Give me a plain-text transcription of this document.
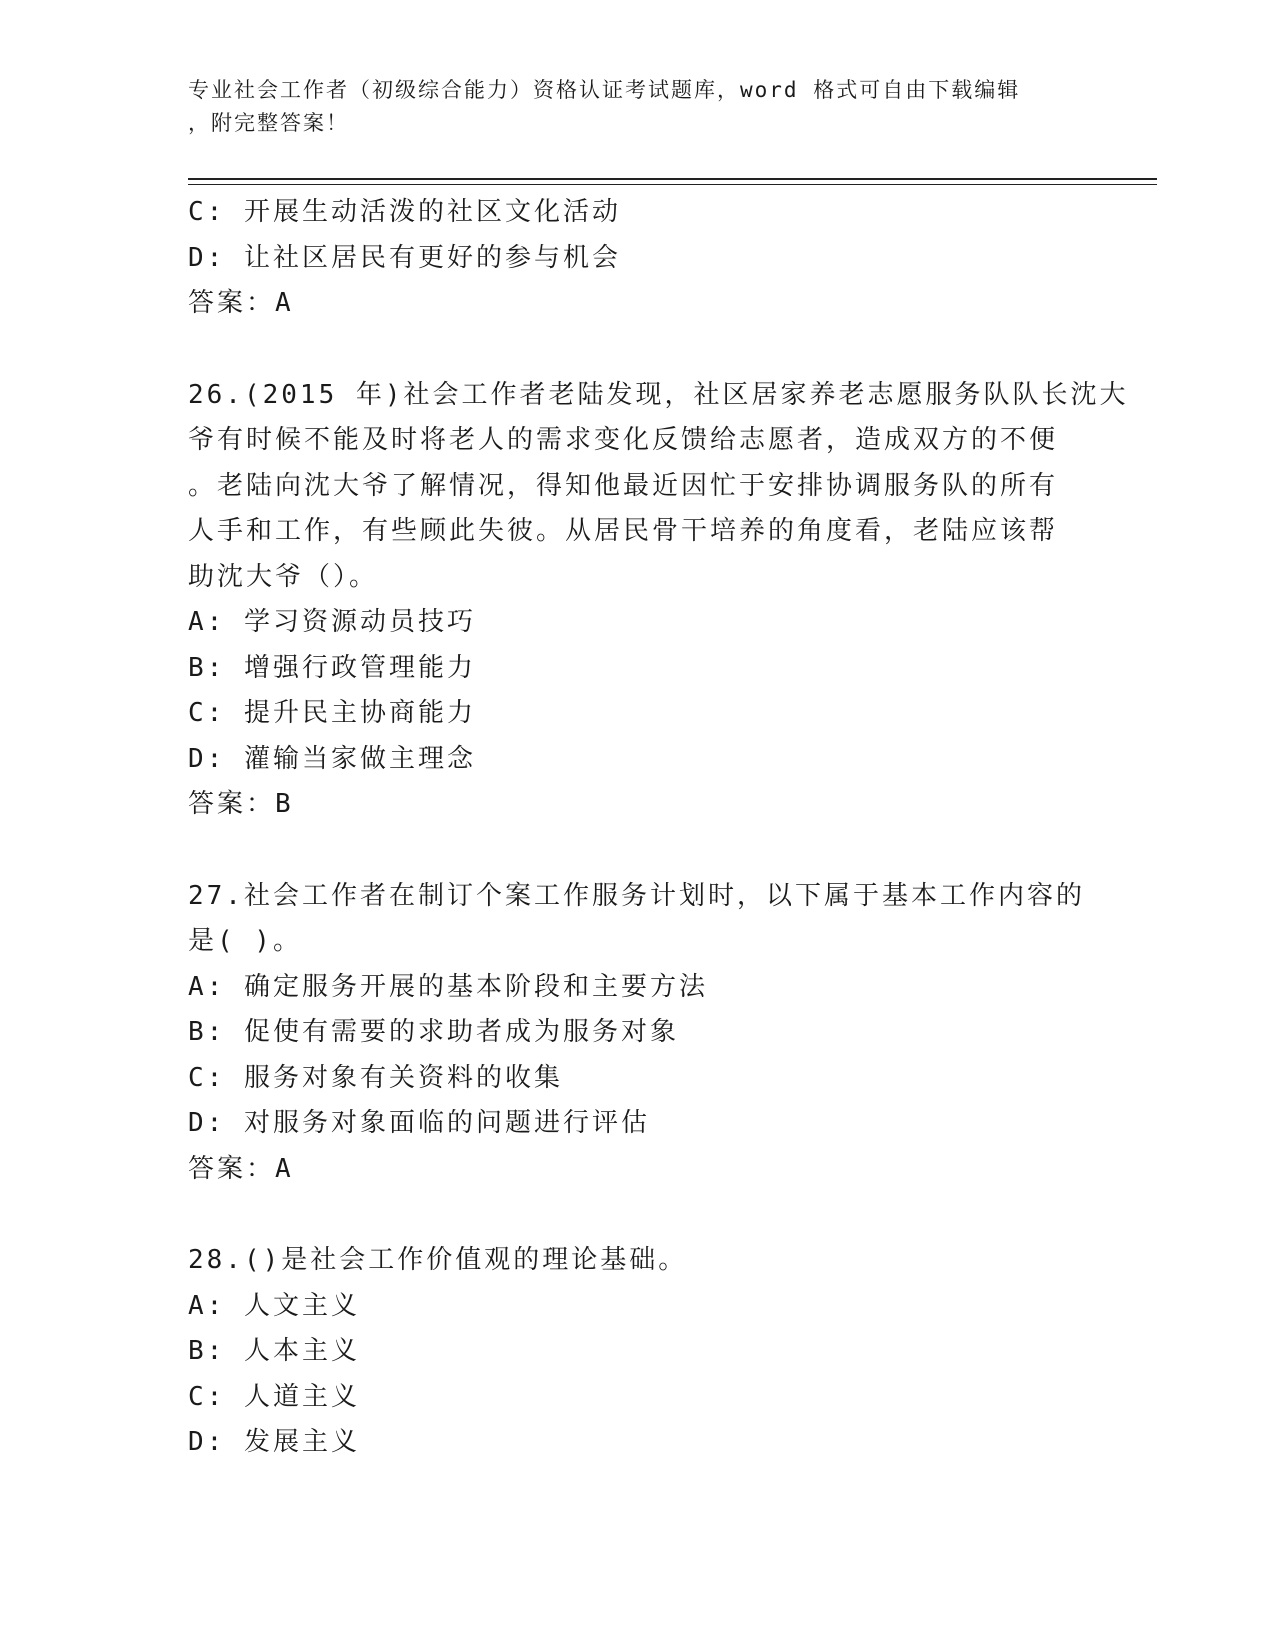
专业社会工作者（初级综合能力）资格认证考试题库，word 格式可自由下载编辑
，附完整答案！
C: 开展生动活泼的社区文化活动
D: 让社区居民有更好的参与机会
答案：A
26.(2015 年)社会工作者老陆发现，社区居家养老志愿服务队队长沈大
爷有时候不能及时将老人的需求变化反馈给志愿者，造成双方的不便
。老陆向沈大爷了解情况，得知他最近因忙于安排协调服务队的所有
人手和工作，有些顾此失彼。从居民骨干培养的角度看，老陆应该帮
助沈大爷（）。
A: 学习资源动员技巧
B: 增强行政管理能力
C: 提升民主协商能力
D: 灌输当家做主理念
答案：B
27.社会工作者在制订个案工作服务计划时，以下属于基本工作内容的
是( )。
A: 确定服务开展的基本阶段和主要方法
B: 促使有需要的求助者成为服务对象
C: 服务对象有关资料的收集
D: 对服务对象面临的问题进行评估
答案：A
28.()是社会工作价值观的理论基础。
A: 人文主义
B: 人本主义
C: 人道主义
D: 发展主义
